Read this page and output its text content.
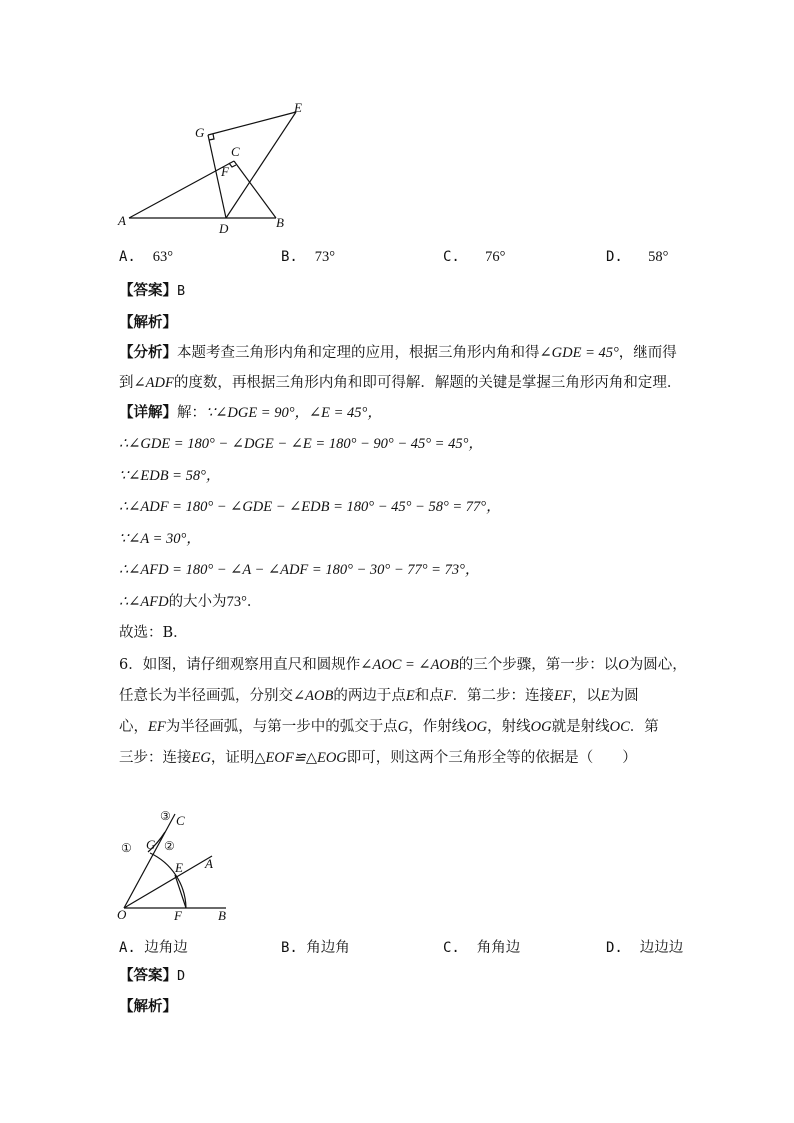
A	B
C
D
E
F
G
A. 63°	B. 73°	C. 76°	D. 58°
【答案】B
【解析】
【分析】本题考查三角形内角和定理的应用，根据三角形内角和得∠GDE = 45°，继而得
到∠ADF的度数，再根据三角形内角和即可得解．解题的关键是掌握三角形丙角和定理．
【详解】解：∵∠DGE = 90°，∠E = 45°，
∴∠GDE = 180° − ∠DGE − ∠E = 180° − 90° − 45° = 45°，
∵∠EDB = 58°，
∴∠ADF = 180° − ∠GDE − ∠EDB = 180° − 45° − 58° = 77°，
∵∠A = 30°，
∴∠AFD = 180° − ∠A − ∠ADF = 180° − 30° − 77° = 73°，
∴∠AFD的大小为73°．
故选：B．
6．如图，请仔细观察用直尺和圆规作∠AOC = ∠AOB的三个步骤，第一步：以O为圆心，
任意长为半径画弧，分别交∠AOB的两边于点E和点F．第二步：连接EF，以E为圆
心，EF为半径画弧，与第一步中的弧交于点G，作射线OG，射线OG就是射线OC．第
三步：连接EG，证明△EOF≌△EOG即可，则这两个三角形全等的依据是（　　）
O	F	B
A
E
G
C
①	②
③
A. 边角边	B. 角边角	C. 角角边	D. 边边边
【答案】D
【解析】
